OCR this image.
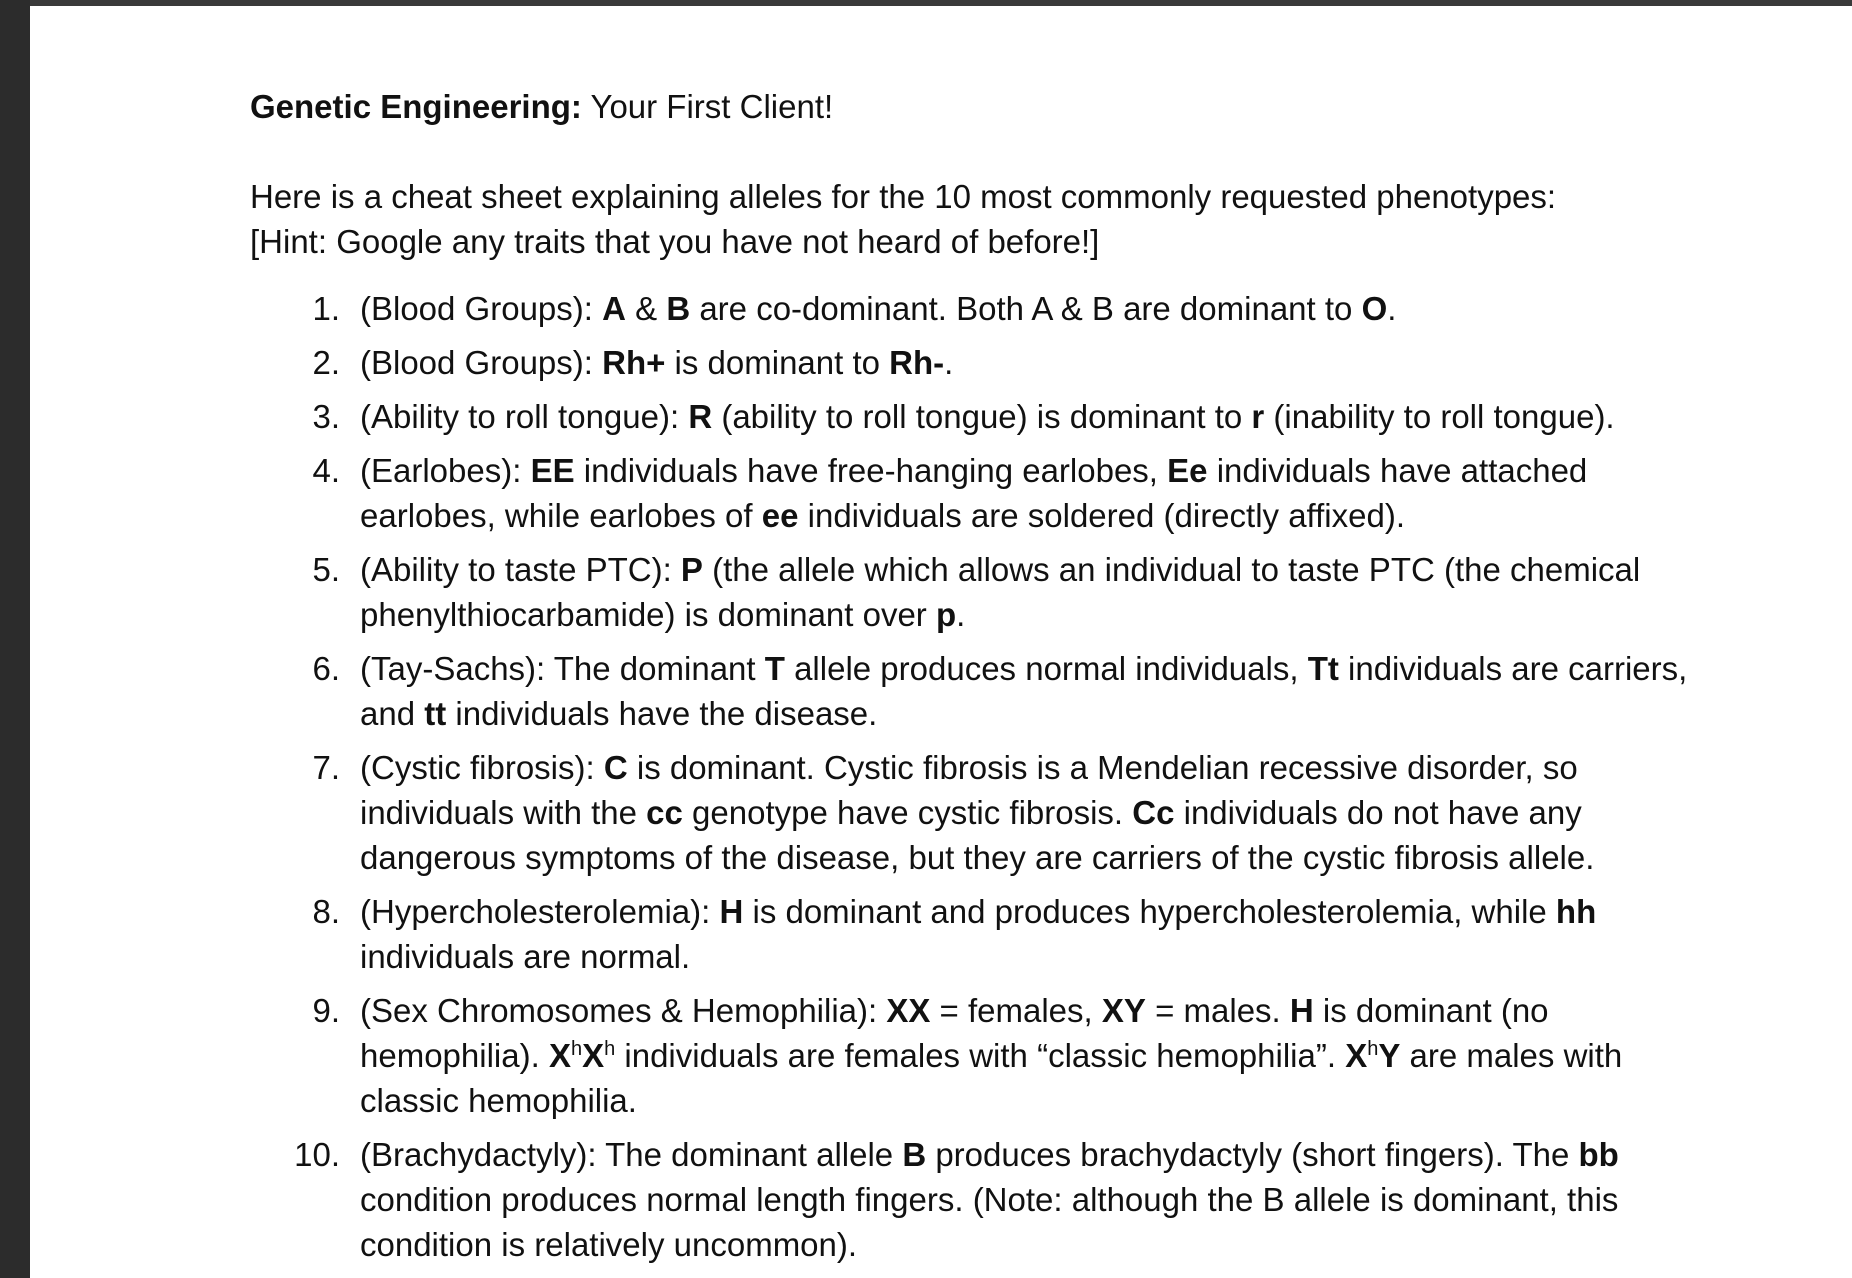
Genetic Engineering: Your First Client!

Here is a cheat sheet explaining alleles for the 10 most commonly requested phenotypes:

[Hint: Google any traits that you have not heard of before!]

1. (Blood Groups): A & B are co-dominant. Both A & B are dominant to O.
2. (Blood Groups): Rh+ is dominant to Rh-.
3. (Ability to roll tongue): R (ability to roll tongue) is dominant to r (inability to roll tongue).
4. (Earlobes): EE individuals have free-hanging earlobes, Ee individuals have attached earlobes, while earlobes of ee individuals are soldered (directly affixed).
5. (Ability to taste PTC): P (the allele which allows an individual to taste PTC (the chemical phenylthiocarbamide) is dominant over p.
6. (Tay-Sachs): The dominant T allele produces normal individuals, Tt individuals are carriers, and tt individuals have the disease.
7. (Cystic fibrosis): C is dominant. Cystic fibrosis is a Mendelian recessive disorder, so individuals with the cc genotype have cystic fibrosis. Cc individuals do not have any dangerous symptoms of the disease, but they are carriers of the cystic fibrosis allele.
8. (Hypercholesterolemia): H is dominant and produces hypercholesterolemia, while hh individuals are normal.
9. (Sex Chromosomes & Hemophilia): XX = females, XY = males. H is dominant (no hemophilia). $X^hX^h$ individuals are females with “classic hemophilia”. $X^hY$ are males with classic hemophilia.
10. (Brachydactyly): The dominant allele B produces brachydactyly (short fingers). The bb condition produces normal length fingers. (Note: although the B allele is dominant, this condition is relatively uncommon).
